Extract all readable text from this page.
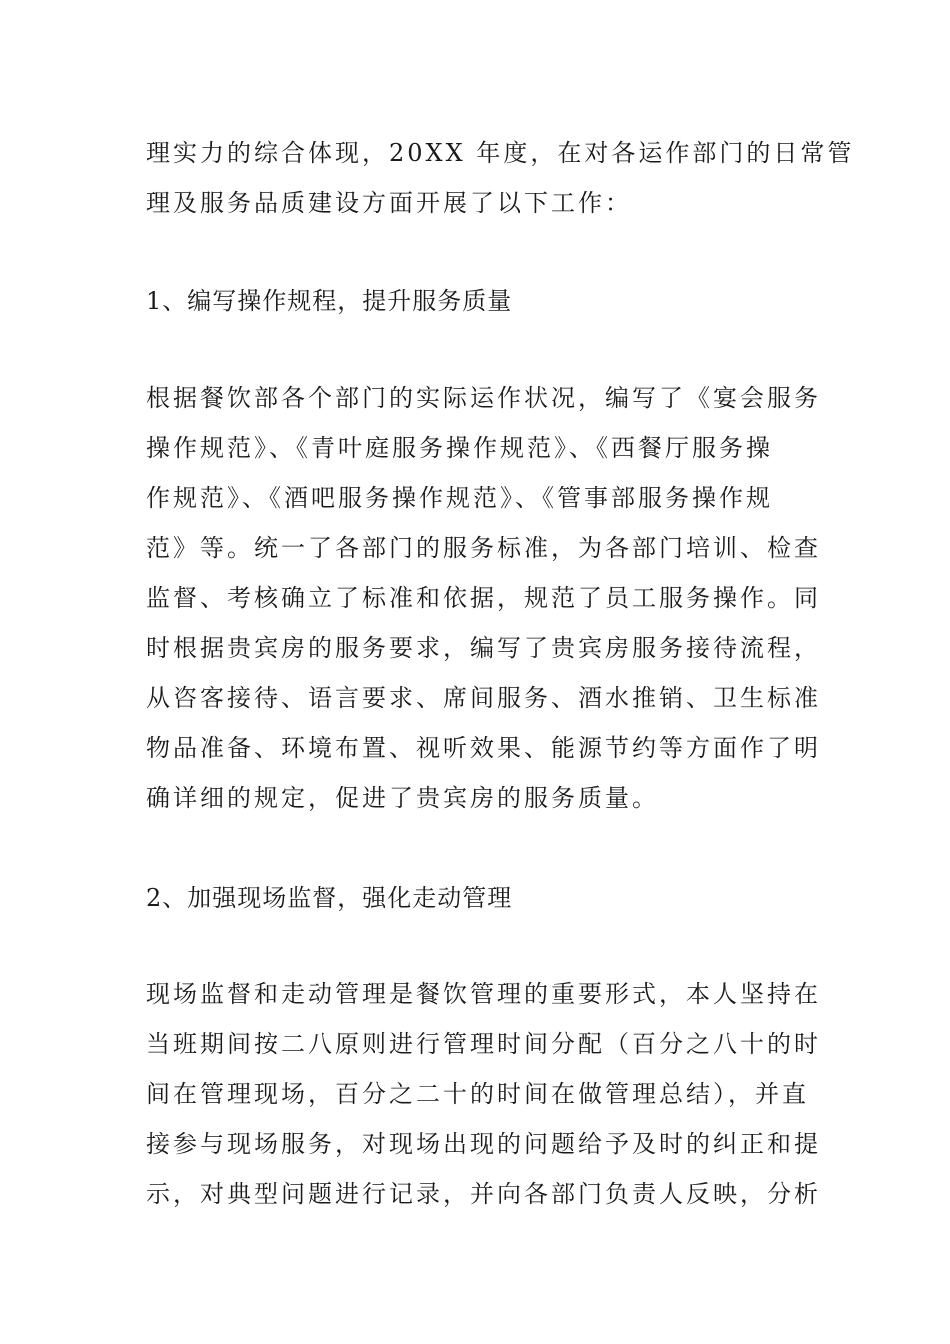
理实力的综合体现，20XX 年度，在对各运作部门的日常管
理及服务品质建设方面开展了以下工作：
1、编写操作规程，提升服务质量
根据餐饮部各个部门的实际运作状况，编写了《宴会服务
操作规范》、《青叶庭服务操作规范》、《西餐厅服务操
作规范》、《酒吧服务操作规范》、《管事部服务操作规
范》等。统一了各部门的服务标准，为各部门培训、检查
监督、考核确立了标准和依据，规范了员工服务操作。同
时根据贵宾房的服务要求，编写了贵宾房服务接待流程，
从咨客接待、语言要求、席间服务、酒水推销、卫生标准
物品准备、环境布置、视听效果、能源节约等方面作了明
确详细的规定，促进了贵宾房的服务质量。
2、加强现场监督，强化走动管理
现场监督和走动管理是餐饮管理的重要形式，本人坚持在
当班期间按二八原则进行管理时间分配（百分之八十的时
间在管理现场，百分之二十的时间在做管理总结），并直
接参与现场服务，对现场出现的问题给予及时的纠正和提
示，对典型问题进行记录，并向各部门负责人反映，分析
